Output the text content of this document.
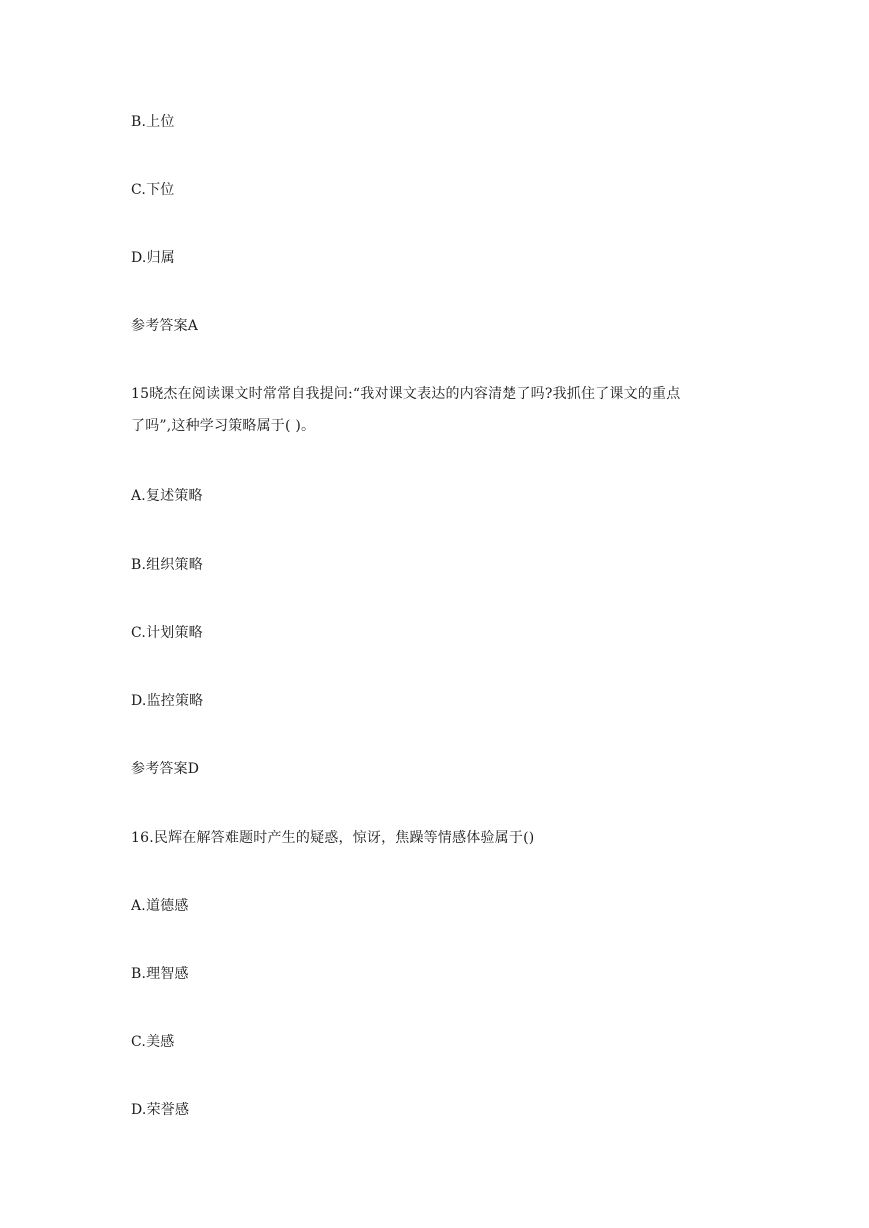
B.上位
C.下位
D.归属
参考答案A
15晓杰在阅读课文时常常自我提问:“我对课文表达的内容清楚了吗?我抓住了课文的重点
了吗”,这种学习策略属于( )。
A.复述策略
B.组织策略
C.计划策略
D.监控策略
参考答案D
16.民辉在解答难题时产生的疑惑，惊讶，焦躁等情感体验属于()
A.道德感
B.理智感
C.美感
D.荣誉感
